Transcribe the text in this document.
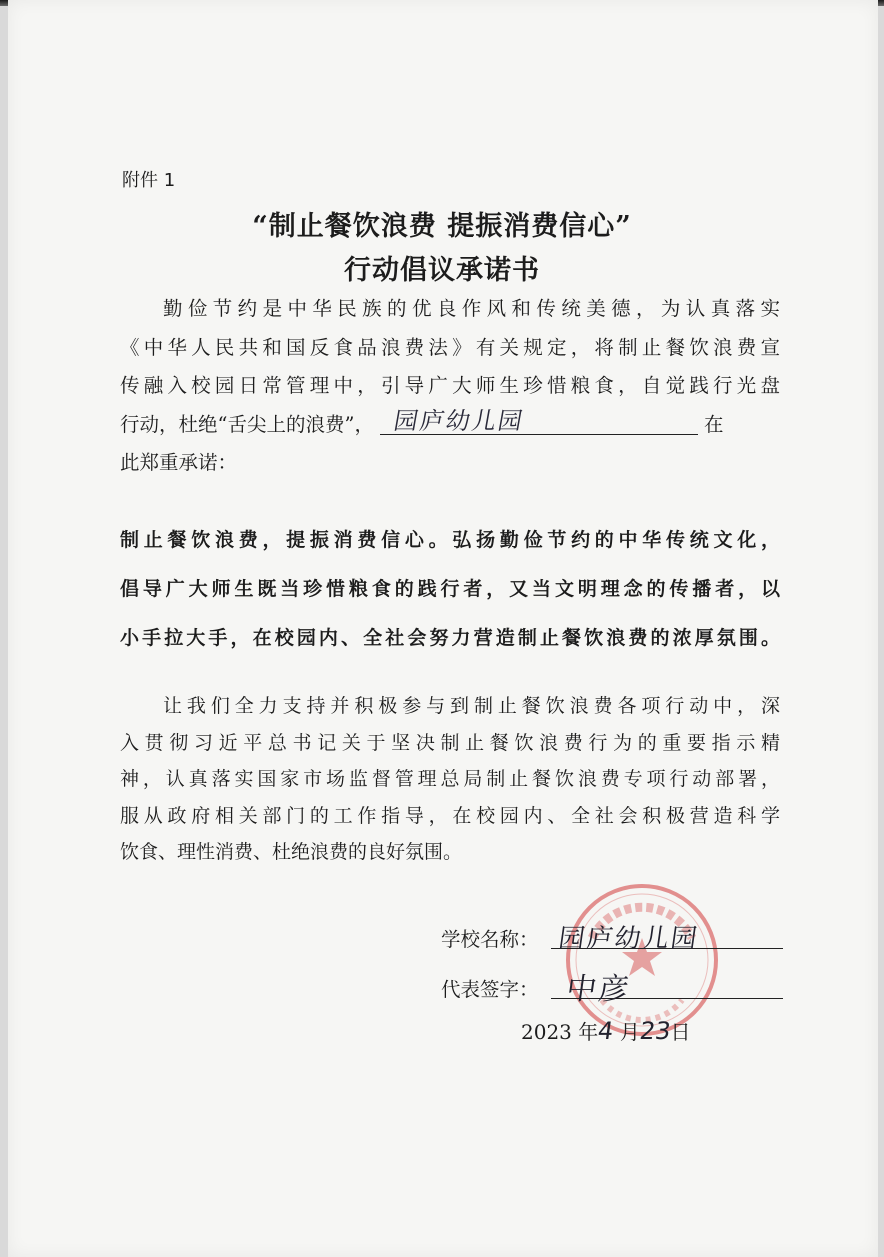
附件 1
“制止餐饮浪费 提振消费信心”
行动倡议承诺书
勤俭节约是中华民族的优良作风和传统美德，为认真落实
《中华人民共和国反食品浪费法》有关规定，将制止餐饮浪费宣
传融入校园日常管理中，引导广大师生珍惜粮食，自觉践行光盘
行动，杜绝“舌尖上的浪费”， 园庐幼儿园	在
此郑重承诺：
制止餐饮浪费，提振消费信心。弘扬勤俭节约的中华传统文化，
倡导广大师生既当珍惜粮食的践行者，又当文明理念的传播者，以
小手拉大手，在校园内、全社会努力营造制止餐饮浪费的浓厚氛围。
让我们全力支持并积极参与到制止餐饮浪费各项行动中，深
入贯彻习近平总书记关于坚决制止餐饮浪费行为的重要指示精
神，认真落实国家市场监督管理总局制止餐饮浪费专项行动部署，
服从政府相关部门的工作指导，在校园内、全社会积极营造科学
饮食、理性消费、杜绝浪费的良好氛围。
学校名称： 园庐幼儿园
代表签字： 中彦
2023 年4 月23日
